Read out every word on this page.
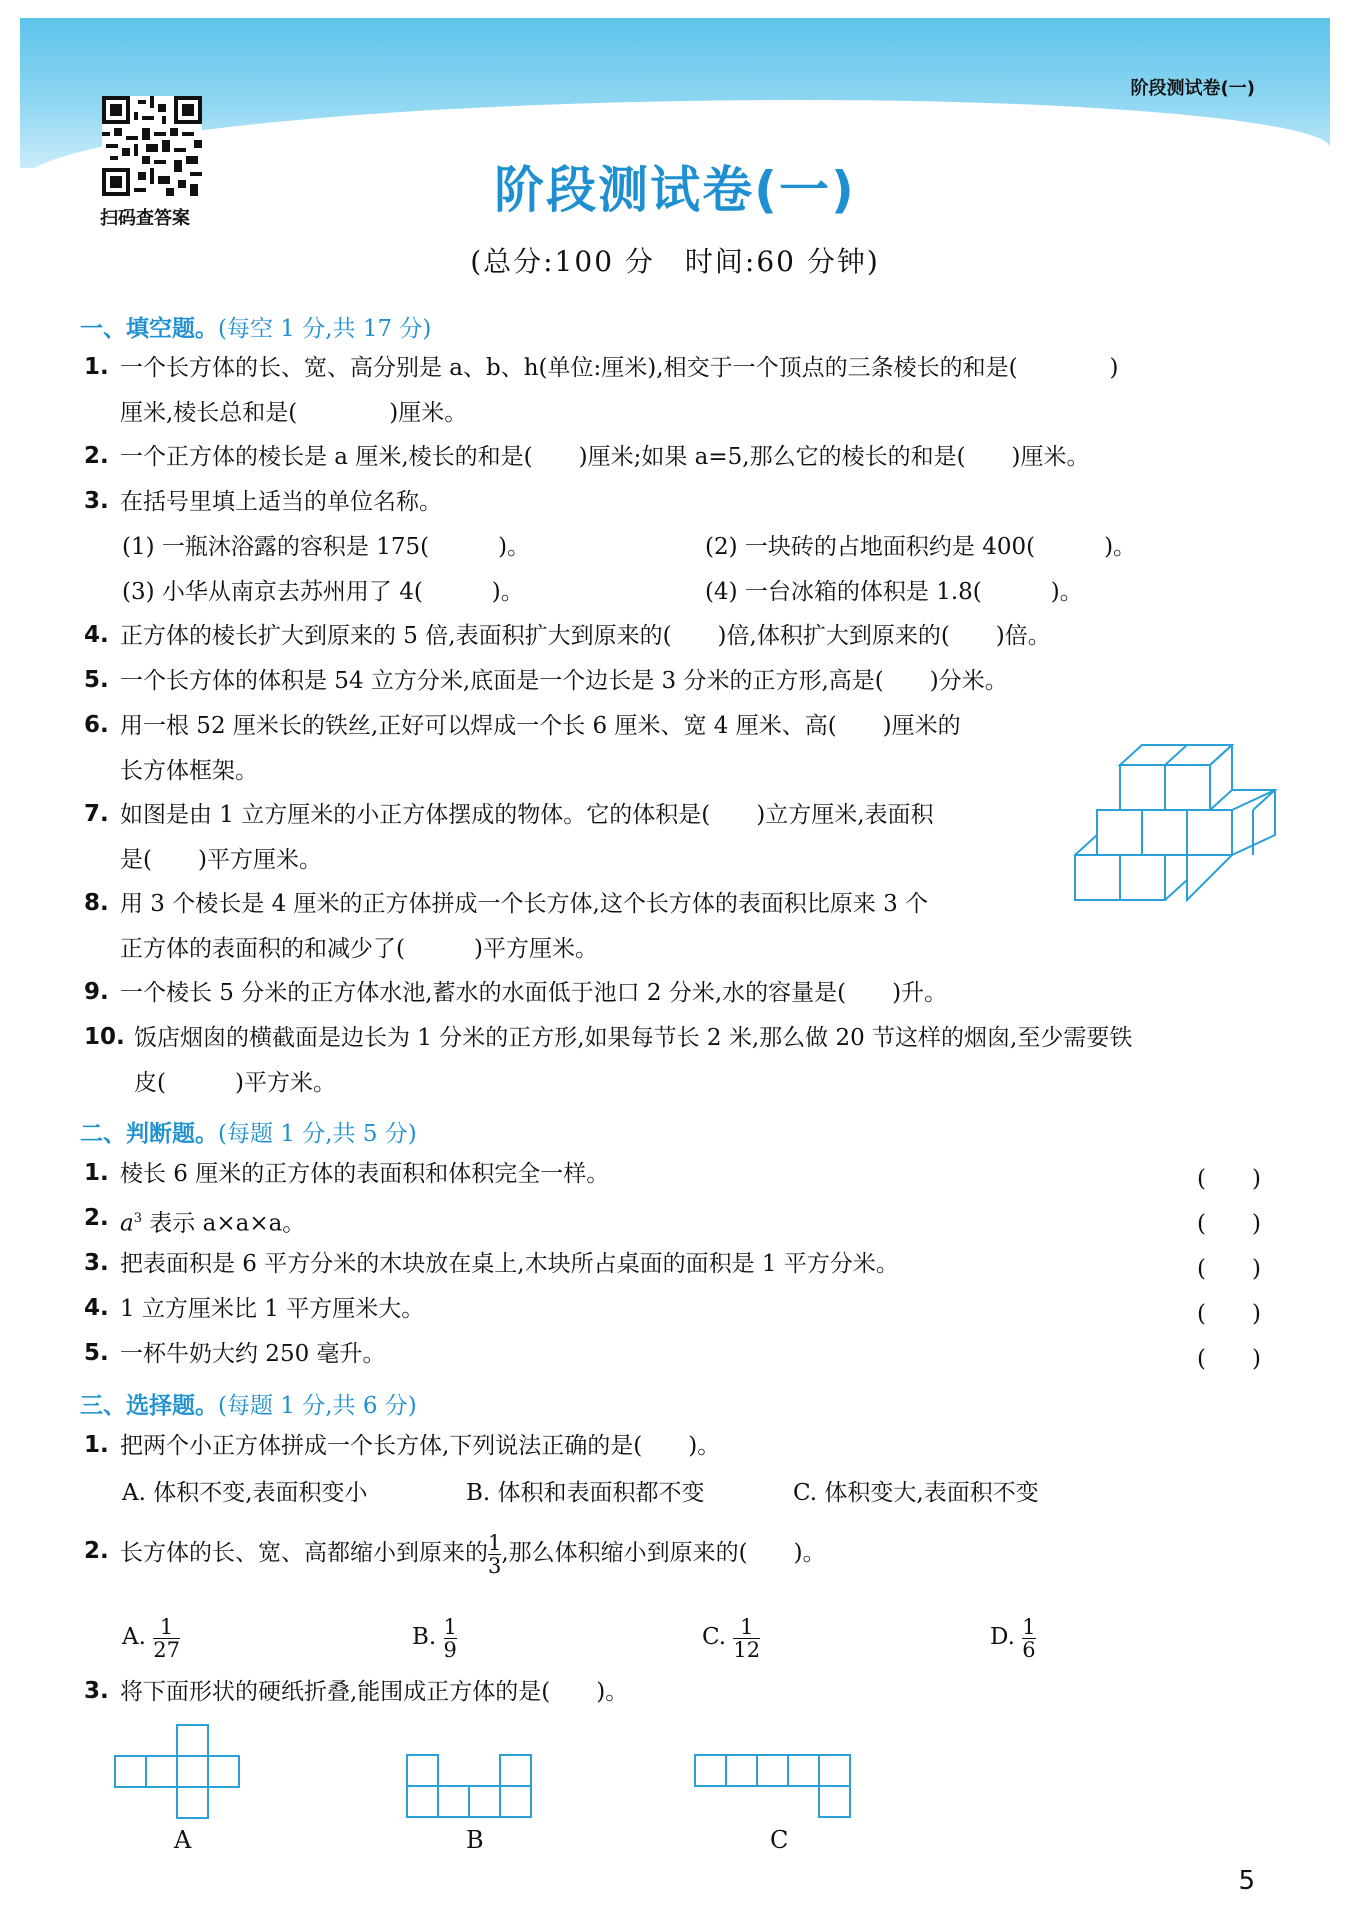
阶段测试卷(一)
扫码查答案	阶段测试卷(一)
(总分:100 分　时间:60 分钟)
一、填空题。(每空 1 分,共 17 分)
1. 一个长方体的长、宽、高分别是 a、b、h(单位:厘米),相交于一个顶点的三条棱长的和是(　　　　)
厘米,棱长总和是(　　　　)厘米。
2. 一个正方体的棱长是 a 厘米,棱长的和是(　　)厘米;如果 a=5,那么它的棱长的和是(　　)厘米。
3. 在括号里填上适当的单位名称。
(1) 一瓶沐浴露的容积是 175(　　　)。	(2) 一块砖的占地面积约是 400(　　　)。
(3) 小华从南京去苏州用了 4(　　　)。	(4) 一台冰箱的体积是 1.8(　　　)。
4. 正方体的棱长扩大到原来的 5 倍,表面积扩大到原来的(　　)倍,体积扩大到原来的(　　)倍。
5. 一个长方体的体积是 54 立方分米,底面是一个边长是 3 分米的正方形,高是(　　)分米。
6. 用一根 52 厘米长的铁丝,正好可以焊成一个长 6 厘米、宽 4 厘米、高(　　)厘米的
长方体框架。
7. 如图是由 1 立方厘米的小正方体摆成的物体。它的体积是(　　)立方厘米,表面积
是(　　)平方厘米。
8. 用 3 个棱长是 4 厘米的正方体拼成一个长方体,这个长方体的表面积比原来 3 个
正方体的表面积的和减少了(　　　)平方厘米。
9. 一个棱长 5 分米的正方体水池,蓄水的水面低于池口 2 分米,水的容量是(　　)升。
10. 饭店烟囱的横截面是边长为 1 分米的正方形,如果每节长 2 米,那么做 20 节这样的烟囱,至少需要铁
皮(　　　)平方米。
二、判断题。(每题 1 分,共 5 分)
1. 棱长 6 厘米的正方体的表面积和体积完全一样。	(　　)
2. $a^3$ 表示 a×a×a。	(　　)
3. 把表面积是 6 平方分米的木块放在桌上,木块所占桌面的面积是 1 平方分米。	(　　)
4. 1 立方厘米比 1 平方厘米大。	(　　)
5. 一杯牛奶大约 250 毫升。	(　　)
三、选择题。(每题 1 分,共 6 分)
1. 把两个小正方体拼成一个长方体,下列说法正确的是(　　)。
A. 体积不变,表面积变小	B. 体积和表面积都不变	C. 体积变大,表面积不变
2. 长方体的长、宽、高都缩小到原来的$\frac{1}{3}$ ,那么体积缩小到原来的(　　)。
A. $\frac{1}{27}$	B. $\frac{1}{9}$	C. $\frac{1}{12}$	D. $\frac{1}{6}$
3. 将下面形状的硬纸折叠,能围成正方体的是(　　)。
A	B	C
5
